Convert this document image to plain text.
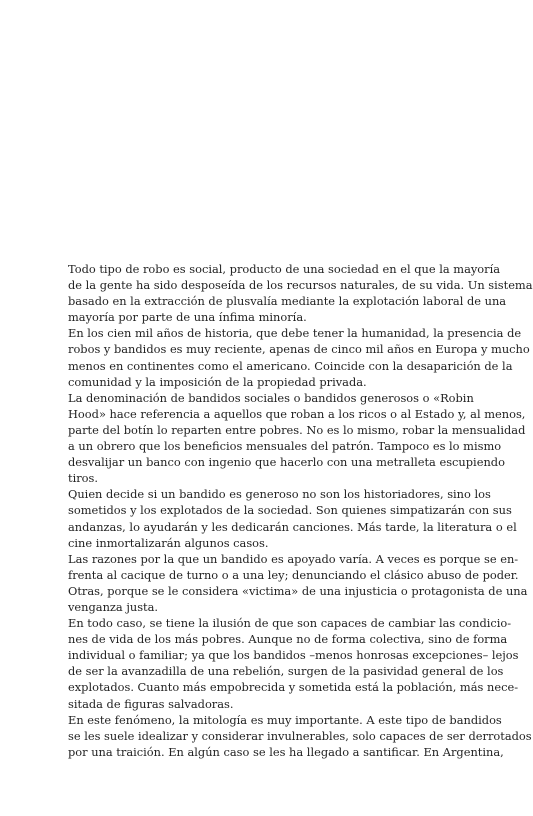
Todo tipo de robo es social, producto de una sociedad en el que la mayoría
de la gente ha sido desposeída de los recursos naturales, de su vida. Un sistema
basado en la extracción de plusvalía mediante la explotación laboral de una
mayoría por parte de una ínfima minoría.
En los cien mil años de historia, que debe tener la humanidad, la presencia de
robos y bandidos es muy reciente, apenas de cinco mil años en Europa y mucho
menos en continentes como el americano. Coincide con la desaparición de la
comunidad y la imposición de la propiedad privada.
La denominación de bandidos sociales o bandidos generosos o «Robin
Hood» hace referencia a aquellos que roban a los ricos o al Estado y, al menos,
parte del botín lo reparten entre pobres. No es lo mismo, robar la mensualidad
a un obrero que los beneficios mensuales del patrón. Tampoco es lo mismo
desvalijar un banco con ingenio que hacerlo con una metralleta escupiendo
tiros.
Quien decide si un bandido es generoso no son los historiadores, sino los
sometidos y los explotados de la sociedad. Son quienes simpatizarán con sus
andanzas, lo ayudarán y les dedicarán canciones. Más tarde, la literatura o el
cine inmortalizarán algunos casos.
Las razones por la que un bandido es apoyado varía. A veces es porque se en-
frenta al cacique de turno o a una ley; denunciando el clásico abuso de poder.
Otras, porque se le considera «victima» de una injusticia o protagonista de una
venganza justa.
En todo caso, se tiene la ilusión de que son capaces de cambiar las condicio-
nes de vida de los más pobres. Aunque no de forma colectiva, sino de forma
individual o familiar; ya que los bandidos –menos honrosas excepciones– lejos
de ser la avanzadilla de una rebelión, surgen de la pasividad general de los
explotados. Cuanto más empobrecida y sometida está la población, más nece-
sitada de figuras salvadoras.
En este fenómeno, la mitología es muy importante. A este tipo de bandidos
se les suele idealizar y considerar invulnerables, solo capaces de ser derrotados
por una traición. En algún caso se les ha llegado a santificar. En Argentina,
